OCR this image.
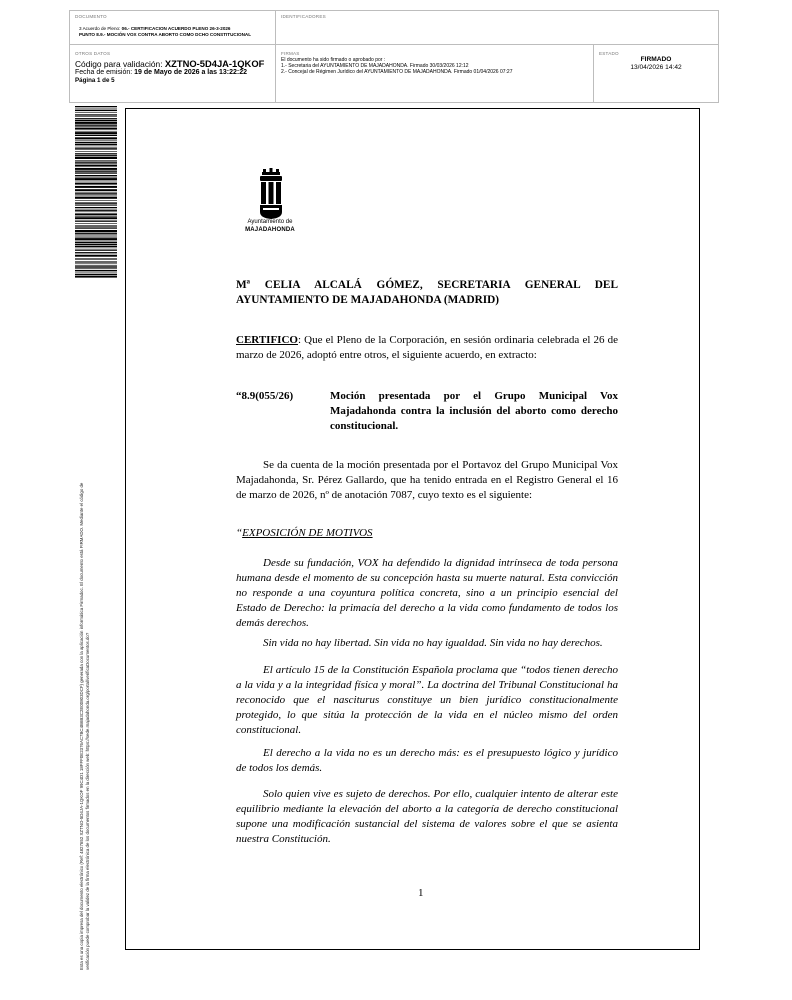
DOCUMENTO
3 Acuerdo de Pleno: 06.- CERTIFICACION ACUERDO PLENO 26-3-2026
PUNTO 8.9.- MOCIÓN VOX CONTRA ABORTO COMO DCHO CONSTITUCIONAL
IDENTIFICADORES
OTROS DATOS
Código para validación: XZTNO-5D4JA-1QKOF
Fecha de emisión: 19 de Mayo de 2026 a las 13:22:22
Página 1 de 5
FIRMAS
El documento ha sido firmado o aprobado por :
1.- Secretaria del AYUNTAMIENTO DE MAJADAHONDA. Firmado 30/03/2026 12:12
2.- Concejal de Régimen Jurídico del AYUNTAMIENTO DE MAJADAHONDA. Firmado 01/04/2026 07:27
ESTADO
FIRMADO
13/04/2026 14:42
Esta es una copia impresa del documento electrónico (Ref: 4827652 XZTNO-5D4JA-1QKOF 99C4D1 18FFF0E2376AC7BC4B6B3C2E00803DCF) generada con la aplicación informática Firmadoc. El documento está FIRMADO. Mediante el código de verificación puede comprobar la validez de la firma electrónica de los documentos firmados en la dirección web: https://sede.majadahonda.org/portal/verificaDocumentos.do?
Ayuntamiento de
MAJADAHONDA
Mª CELIA ALCALÁ GÓMEZ, SECRETARIA GENERAL DEL AYUNTAMIENTO DE MAJADAHONDA (MADRID)
CERTIFICO: Que el Pleno de la Corporación, en sesión ordinaria celebrada el 26 de marzo de 2026, adoptó entre otros, el siguiente acuerdo, en extracto:
“8.9(055/26)	Moción presentada por el Grupo Municipal Vox Majadahonda contra la inclusión del aborto como derecho constitucional.
Se da cuenta de la moción presentada por el Portavoz del Grupo Municipal Vox Majadahonda, Sr. Pérez Gallardo, que ha tenido entrada en el Registro General el 16 de marzo de 2026, nº de anotación 7087, cuyo texto es el siguiente:
“EXPOSICIÓN DE MOTIVOS
Desde su fundación, VOX ha defendido la dignidad intrínseca de toda persona humana desde el momento de su concepción hasta su muerte natural. Esta convicción no responde a una coyuntura política concreta, sino a un principio esencial del Estado de Derecho: la primacía del derecho a la vida como fundamento de todos los demás derechos.
Sin vida no hay libertad. Sin vida no hay igualdad. Sin vida no hay derechos.
El artículo 15 de la Constitución Española proclama que “todos tienen derecho a la vida y a la integridad física y moral”. La doctrina del Tribunal Constitucional ha reconocido que el nasciturus constituye un bien jurídico constitucionalmente protegido, lo que sitúa la protección de la vida en el núcleo mismo del orden constitucional.
El derecho a la vida no es un derecho más: es el presupuesto lógico y jurídico de todos los demás.
Solo quien vive es sujeto de derechos. Por ello, cualquier intento de alterar este equilibrio mediante la elevación del aborto a la categoría de derecho constitucional supone una modificación sustancial del sistema de valores sobre el que se asienta nuestra Constitución.
1
